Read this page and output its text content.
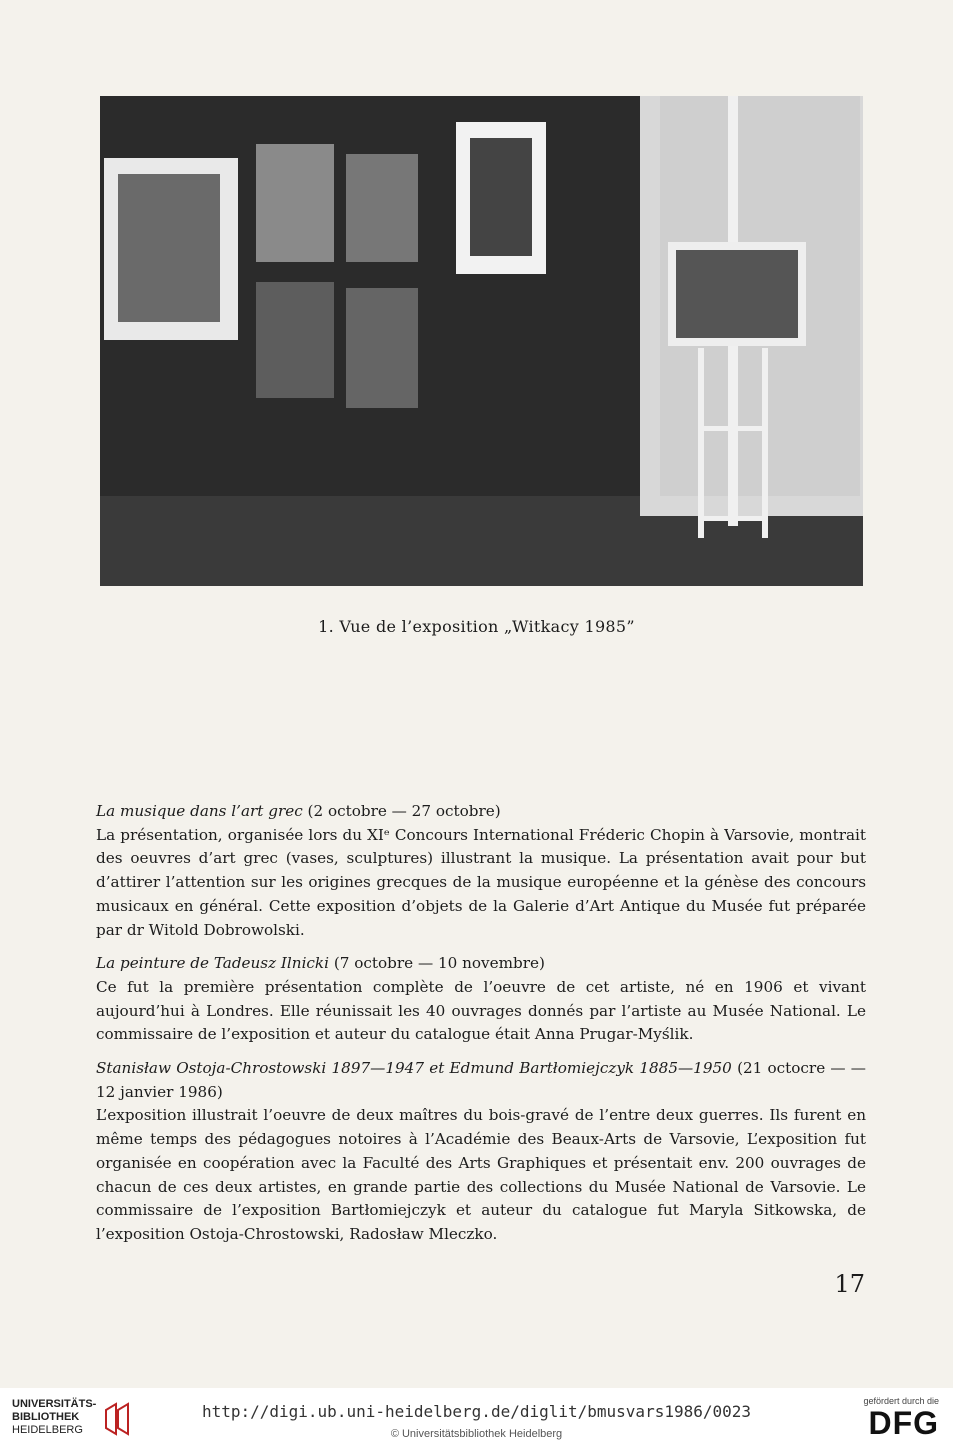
1. Vue de l’exposition „Witkacy 1985”

La musique dans l’art grec (2 octobre — 27 octobre)
La présentation, organisée lors du XIᵉ Concours International Fréderic Chopin à Varsovie, montrait des oeuvres d’art grec (vases, sculptures) illustrant la musique. La présentation avait pour but d’attirer l’attention sur les origines grecques de la musique européenne et la génèse des concours musicaux en général. Cette exposition d’objets de la Galerie d’Art Antique du Musée fut préparée par dr Witold Dobrowolski.

La peinture de Tadeusz Ilnicki (7 octobre — 10 novembre)
Ce fut la première présentation complète de l’oeuvre de cet artiste, né en 1906 et vivant aujourd’hui à Londres. Elle réunissait les 40 ouvrages donnés par l’artiste au Musée National. Le commissaire de l’exposition et auteur du catalogue était Anna Prugar-Myślik.

Stanisław Ostoja-Chrostowski 1897—1947 et Edmund Bartłomiejczyk 1885—1950 (21 octocre — — 12 janvier 1986)
L’exposition illustrait l’oeuvre de deux maîtres du bois-gravé de l’entre deux guerres. Ils furent en même temps des pédagogues notoires à l’Académie des Beaux-Arts de Varsovie, L’exposition fut organisée en coopération avec la Faculté des Arts Graphiques et présentait env. 200 ouvrages de chacun de ces deux artistes, en grande partie des collections du Musée National de Varsovie. Le commissaire de l’exposition Bartłomiejczyk et auteur du catalogue fut Maryla Sitkowska, de l’exposition Ostoja-Chrostowski, Radosław Mleczko.

17
UNIVERSITÄTS-
BIBLIOTHEK
HEIDELBERG
http://digi.ub.uni-heidelberg.de/diglit/bmusvars1986/0023
© Universitätsbibliothek Heidelberg
gefördert durch die
DFG
